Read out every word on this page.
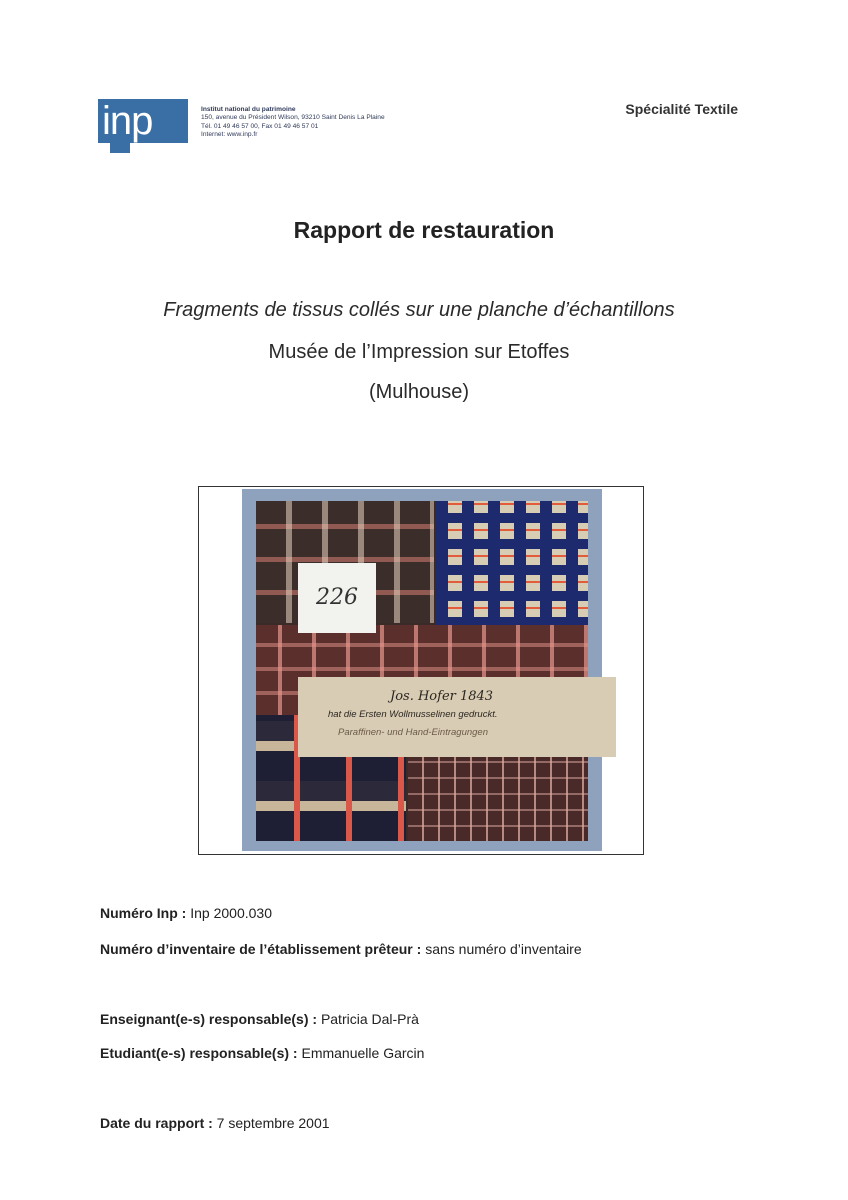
inp	Institut national du patrimoine
150, avenue du Président Wilson, 93210 Saint Denis La Plaine
Tél. 01 49 46 57 00, Fax 01 49 46 57 01
Internet: www.inp.fr
Spécialité Textile
Rapport de restauration
Fragments de tissus collés sur une planche d’échantillons
Musée de l’Impression sur Etoffes
(Mulhouse)
226
Jos. Hofer 1843
hat die Ersten Wollmusselinen gedruckt.
Paraffinen- und Hand-Eintragungen
Numéro Inp : Inp 2000.030
Numéro d’inventaire de l’établissement prêteur : sans numéro d’inventaire
Enseignant(e-s) responsable(s) : Patricia Dal-Prà
Etudiant(e-s) responsable(s) : Emmanuelle Garcin
Date du rapport : 7 septembre 2001
